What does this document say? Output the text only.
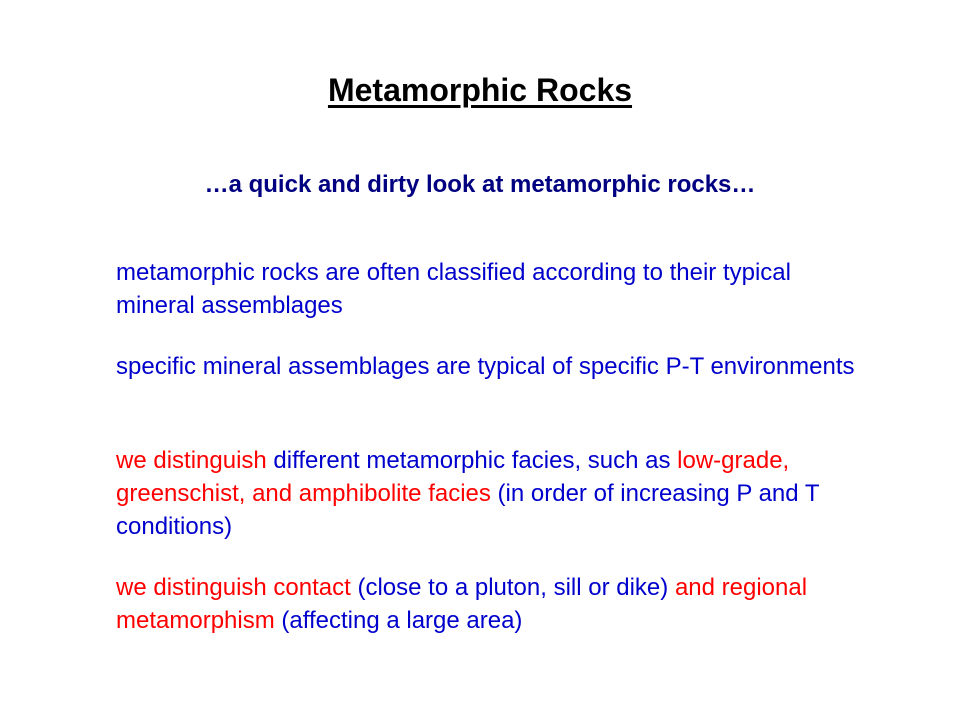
Metamorphic Rocks
…a quick and dirty look at metamorphic rocks…

metamorphic rocks are often classified according to their typical mineral assemblages

specific mineral assemblages are typical of specific P-T environments

we distinguish different metamorphic facies, such as low-grade, greenschist, and amphibolite facies (in order of increasing P and T conditions)

we distinguish contact (close to a pluton, sill or dike) and regional metamorphism (affecting a large area)
